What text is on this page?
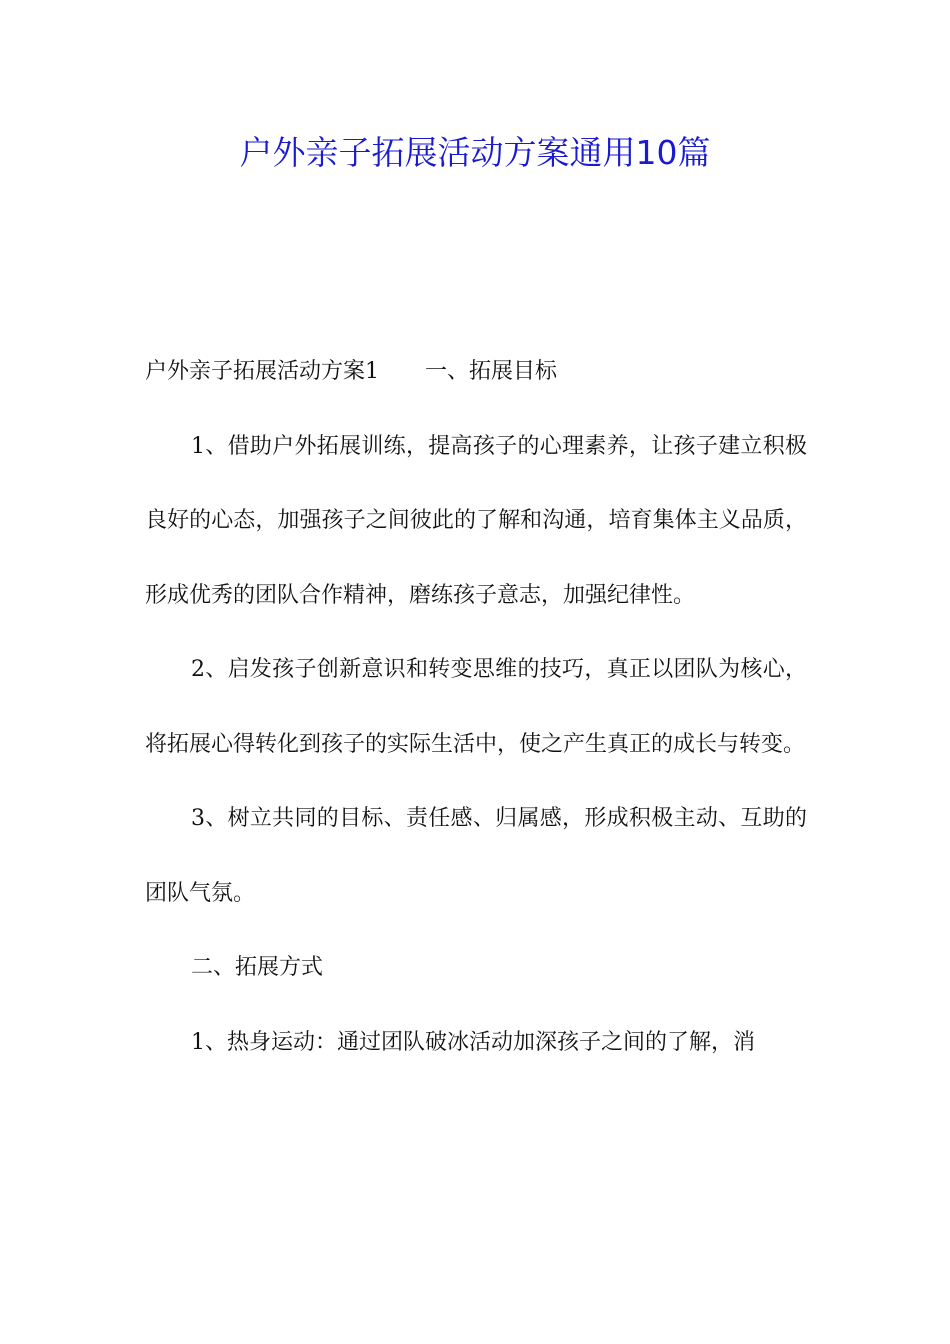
户外亲子拓展活动方案通用10篇

户外亲子拓展活动方案1 一、拓展目标

1、借助户外拓展训练，提高孩子的心理素养，让孩子建立积极良好的心态，加强孩子之间彼此的了解和沟通，培育集体主义品质，形成优秀的团队合作精神，磨练孩子意志，加强纪律性。

2、启发孩子创新意识和转变思维的技巧，真正以团队为核心，将拓展心得转化到孩子的实际生活中，使之产生真正的成长与转变。

3、树立共同的目标、责任感、归属感，形成积极主动、互助的团队气氛。

二、拓展方式

1、热身运动：通过团队破冰活动加深孩子之间的了解，消
